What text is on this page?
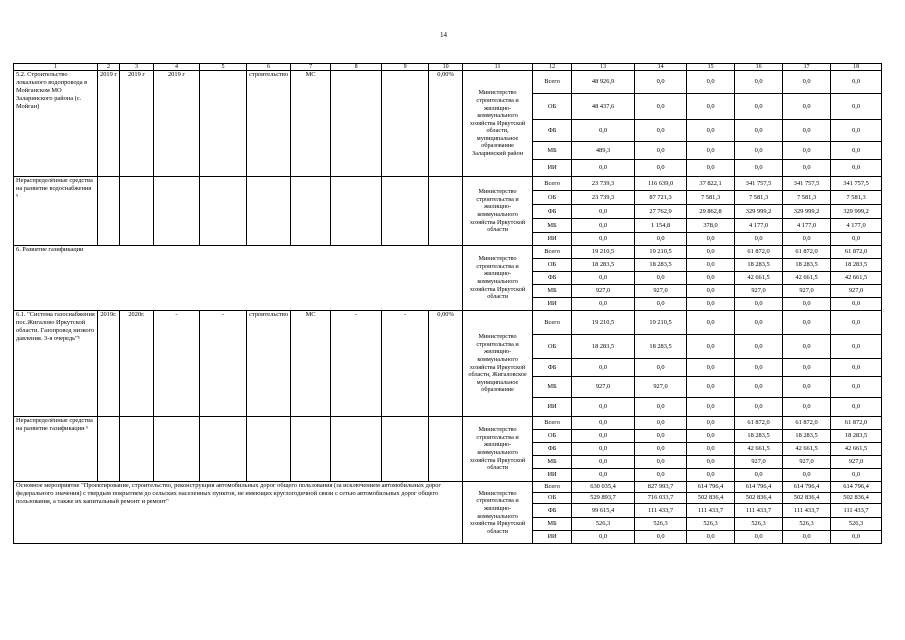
14
1	2	3	4	5	6	7	8	9	10	11	12	13	14	15	16	17	18
5.2. Строительство локального водопровода в Мойганском МО Заларинского района (с. Мойган)	2019 г	2019 г	2019 г		строительство	МС			0,00%	Министерство строительства и жилищно-коммунального хозяйства Иркутской области, муниципальное образование Заларинский район	Всего	48 926,9	0,0	0,0	0,0	0,0	0,0
											ОБ	48 437,6	0,0	0,0	0,0	0,0	0,0
											ФБ	0,0	0,0	0,0	0,0	0,0	0,0
											МБ	489,3	0,0	0,0	0,0	0,0	0,0
											ИИ	0,0	0,0	0,0	0,0	0,0	0,0
Нераспределённые средства на развитие водоснабжения ⁵										Министерство строительства и жилищно-коммунального хозяйства Иркутской области	Всего	23 739,3	116 639,0	37 822,1	341 757,5	341 757,5	341 757,5
											ОБ	23 739,3	87 721,3	7 581,3	7 581,3	7 581,3	7 581,3
											ФБ	0,0	27 762,9	29 862,8	329 999,2	329 999,2	329 999,2
											МБ	0,0	1 154,8	378,0	4 177,0	4 177,0	4 177,0
											ИИ	0,0	0,0	0,0	0,0	0,0	0,0
6. Развитие газификации										Министерство строительства и жилищно-коммунального хозяйства Иркутской области	Всего	19 210,5	19 210,5	0,0	61 872,0	61 872,0	61 872,0
											ОБ	18 283,5	18 283,5	0,0	18 283,5	18 283,5	18 283,5
											ФБ	0,0	0,0	0,0	42 661,5	42 661,5	42 661,5
											МБ	927,0	927,0	0,0	927,0	927,0	927,0
											ИИ	0,0	0,0	0,0	0,0	0,0	0,0
6.1. "Система газоснабжения пос.Жигалово Иркутской области. Газопровод низкого давления. 3-я очередь"⁵	2019г.	2020г.	-	-	строительство	МС	-	-	0,00%	Министерство строительства и жилищно-коммунального хозяйства Иркутской области, Жигаловское муниципальное образование	Всего	19 210,5	19 210,5	0,0	0,0	0,0	0,0
											ОБ	18 283,5	18 283,5	0,0	0,0	0,0	0,0
											ФБ	0,0	0,0	0,0	0,0	0,0	0,0
											МБ	927,0	927,0	0,0	0,0	0,0	0,0
											ИИ	0,0	0,0	0,0	0,0	0,0	0,0
Нераспределённые средства на развитие газификации ⁶										Министерство строительства и жилищно-коммунального хозяйства Иркутской области	Всего	0,0	0,0	0,0	61 872,0	61 872,0	61 872,0
											ОБ	0,0	0,0	0,0	18 283,5	18 283,5	18 283,5
											ФБ	0,0	0,0	0,0	42 661,5	42 661,5	42 661,5
											МБ	0,0	0,0	0,0	927,0	927,0	927,0
											ИИ	0,0	0,0	0,0	0,0	0,0	0,0
Основное мероприятие "Проектирование, строительство, реконструкция автомобильных дорог общего пользования (за исключением автомобильных дорог федерального значения) с твердым покрытием до сельских населенных пунктов, не имеющих круглогодичной связи с сетью автомобильных дорог общего пользования, а также их капитальный ремонт и ремонт"										Министерство строительства и жилищно-коммунального хозяйства Иркутской области	Всего	630 035,4	827 993,7	614 796,4	614 796,4	614 796,4	614 796,4
											ОБ	529 893,7	716 033,7	502 836,4	502 836,4	502 836,4	502 836,4
											ФБ	99 615,4	111 433,7	111 433,7	111 433,7	111 433,7	111 433,7
											МБ	526,3	526,3	526,3	526,3	526,3	526,3
											ИИ	0,0	0,0	0,0	0,0	0,0	0,0
:
